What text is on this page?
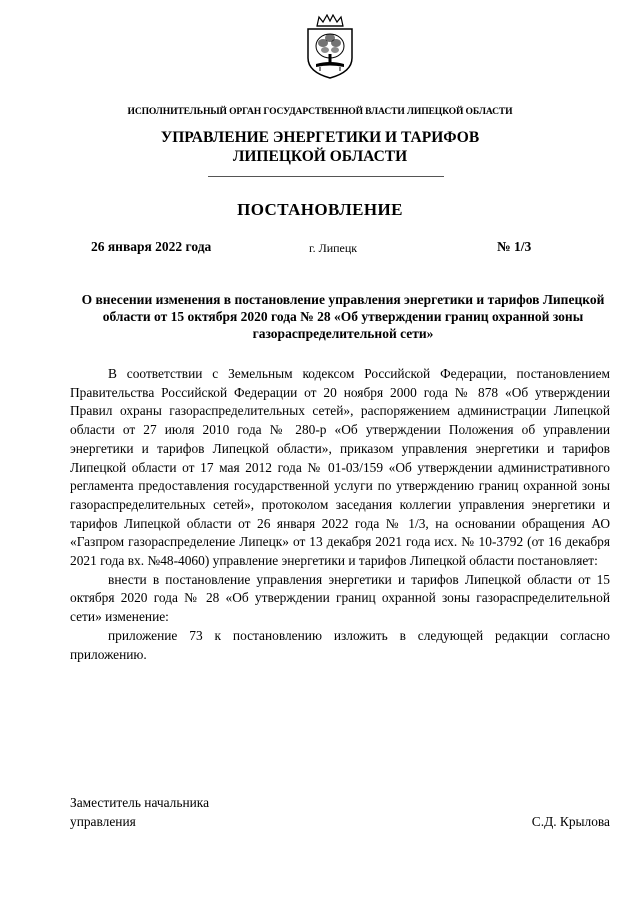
ИСПОЛНИТЕЛЬНЫЙ ОРГАН ГОСУДАРСТВЕННОЙ ВЛАСТИ ЛИПЕЦКОЙ ОБЛАСТИ
УПРАВЛЕНИЕ ЭНЕРГЕТИКИ И ТАРИФОВ
ЛИПЕЦКОЙ ОБЛАСТИ
ПОСТАНОВЛЕНИЕ
26 января 2022 года	г. Липецк	№ 1/3
О внесении изменения в постановление управления энергетики и тарифов Липецкой области от 15 октября 2020 года № 28 «Об утверждении границ охранной зоны газораспределительной сети»

В соответствии с Земельным кодексом Российской Федерации, постановлением Правительства Российской Федерации от 20 ноября 2000 года № 878 «Об утверждении Правил охраны газораспределительных сетей», распоряжением администрации Липецкой области от 27 июля 2010 года № 280-р «Об утверждении Положения об управлении энергетики и тарифов Липецкой области», приказом управления энергетики и тарифов Липецкой области от 17 мая 2012 года № 01-03/159 «Об утверждении административного регламента предоставления государственной услуги по утверждению границ охранной зоны газораспределительных сетей», протоколом заседания коллегии управления энергетики и тарифов Липецкой области от 26 января 2022 года № 1/3, на основании обращения АО «Газпром газораспределение Липецк» от 13 декабря 2021 года исх. № 10-3792 (от 16 декабря 2021 года вх. №48-4060) управление энергетики и тарифов Липецкой области постановляет:

внести в постановление управления энергетики и тарифов Липецкой области от 15 октября 2020 года № 28 «Об утверждении границ охранной зоны газораспределительной сети» изменение:

приложение 73 к постановлению изложить в следующей редакции согласно приложению.

Заместитель начальника
управления	С.Д. Крылова
